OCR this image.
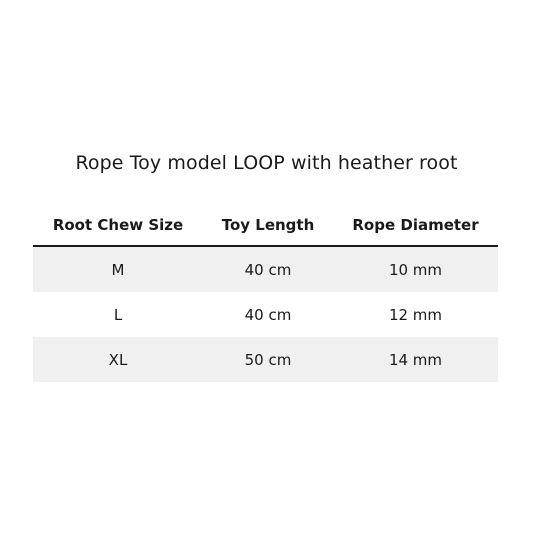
Rope Toy model LOOP with heather root
Root Chew Size	Toy Length	Rope Diameter
M	40 cm	10 mm
L	40 cm	12 mm
XL	50 cm	14 mm
